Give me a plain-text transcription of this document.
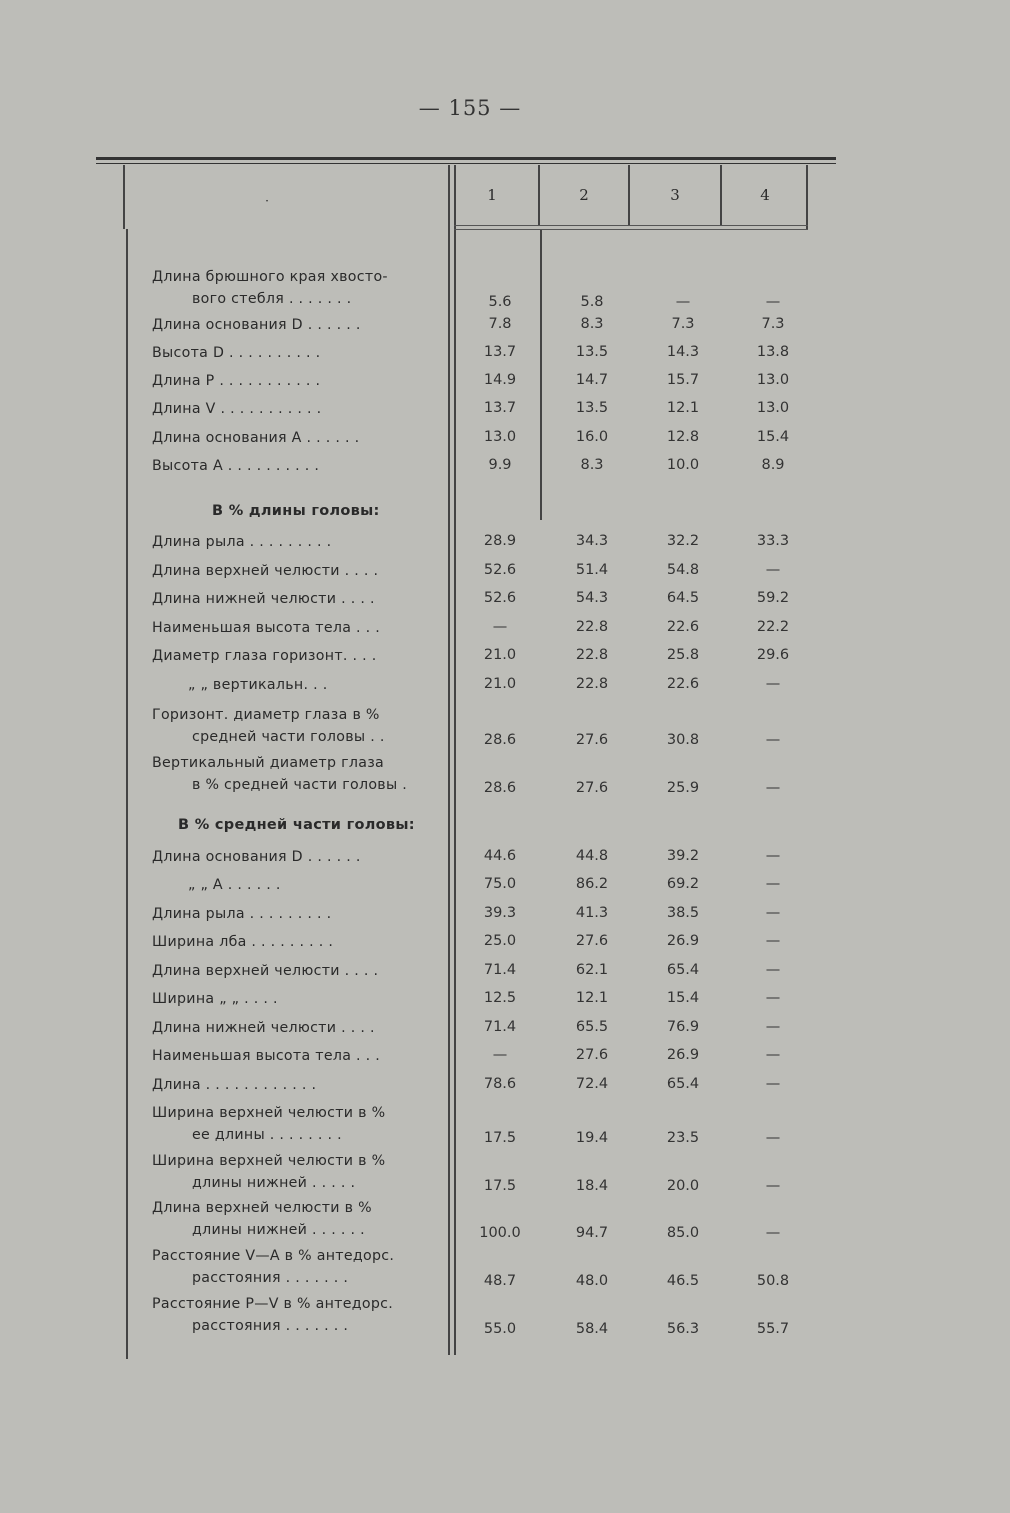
— 155 —
·	1	2	3	4
Длина брюшного края хвосто-
вого стебля . . . . . . .	5.6	5.8	—	—
Длина основания D . . . . . .	7.8	8.3	7.3	7.3
Высота D . . . . . . . . . .	13.7	13.5	14.3	13.8
Длина P . . . . . . . . . . .	14.9	14.7	15.7	13.0
Длина V . . . . . . . . . . .	13.7	13.5	12.1	13.0
Длина основания A . . . . . .	13.0	16.0	12.8	15.4
Высота A . . . . . . . . . .	9.9	8.3	10.0	8.9
Длина рыла . . . . . . . . .	28.9	34.3	32.2	33.3
Длина верхней челюсти . . . .	52.6	51.4	54.8	—
Длина нижней челюсти . . . .	52.6	54.3	64.5	59.2
Наименьшая высота тела . . .	—	22.8	22.6	22.2
Диаметр глаза горизонт. . . .	21.0	22.8	25.8	29.6
„ „ вертикальн. . .	21.0	22.8	22.6	—
Горизонт. диаметр глаза в %
средней части головы . .	28.6	27.6	30.8	—
Вертикальный диаметр глаза
в % средней части головы .	28.6	27.6	25.9	—
Длина основания D . . . . . .	44.6	44.8	39.2	—
„ „ A . . . . . .	75.0	86.2	69.2	—
Длина рыла . . . . . . . . .	39.3	41.3	38.5	—
Ширина лба . . . . . . . . .	25.0	27.6	26.9	—
Длина верхней челюсти . . . .	71.4	62.1	65.4	—
Ширина „ „ . . . .	12.5	12.1	15.4	—
Длина нижней челюсти . . . .	71.4	65.5	76.9	—
Наименьшая высота тела . . .	—	27.6	26.9	—
Длина . . . . . . . . . . . .	78.6	72.4	65.4	—
Ширина верхней челюсти в %
ее длины . . . . . . . .	17.5	19.4	23.5	—
Ширина верхней челюсти в %
длины нижней . . . . .	17.5	18.4	20.0	—
Длина верхней челюсти в %
длины нижней . . . . . .	100.0	94.7	85.0	—
Расстояние V—A в % антедорс.
расстояния . . . . . . .	48.7	48.0	46.5	50.8
Расстояние P—V в % антедорс.
расстояния . . . . . . .	55.0	58.4	56.3	55.7
В % длины головы:
В % средней части головы:
